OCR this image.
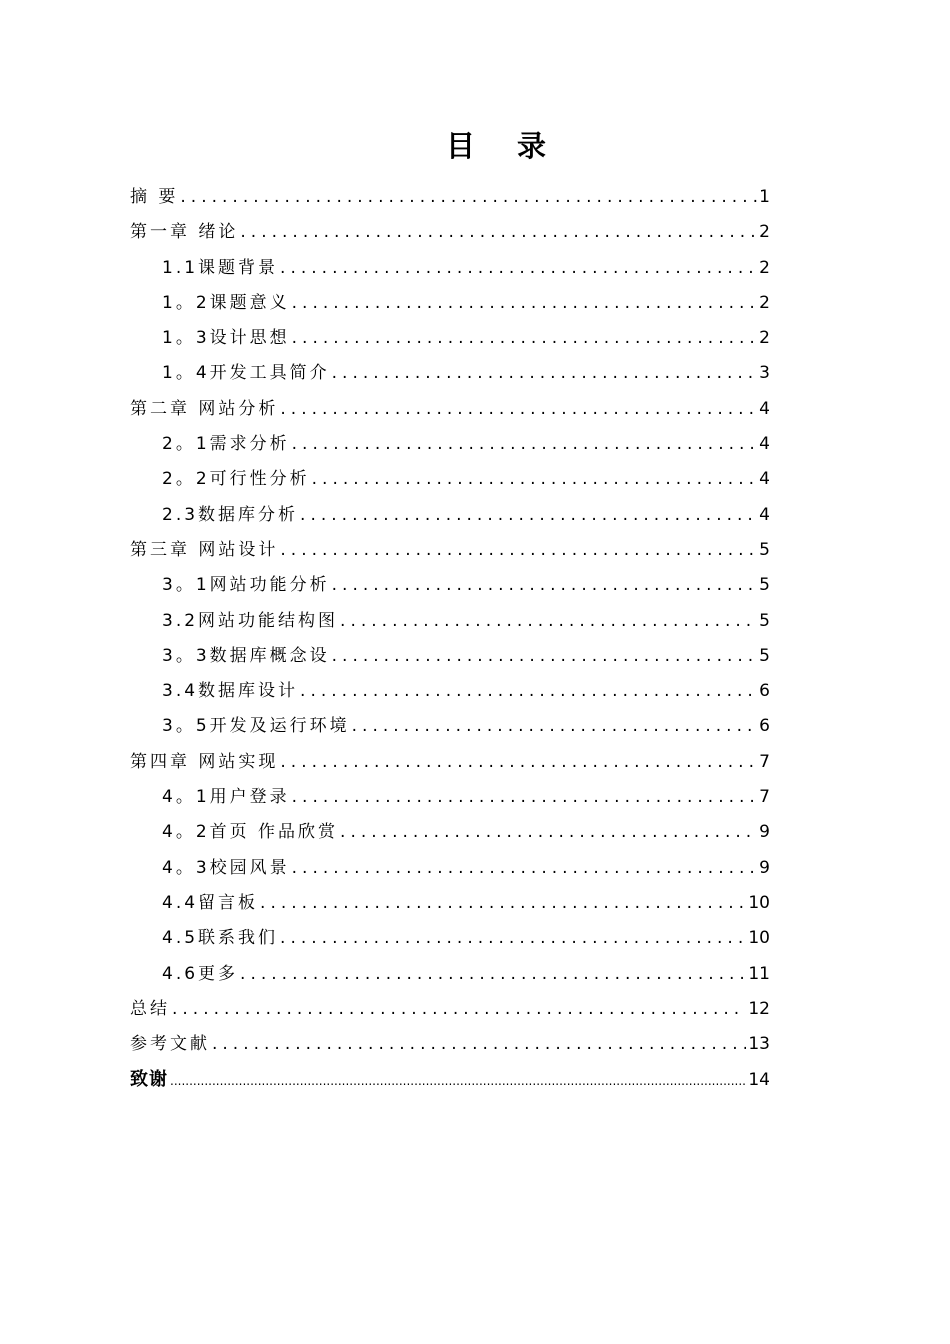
目 录
摘 要 .....	1
第一章 绪论 .....	2
1.1课题背景 .....	2
1。2课题意义 .....	2
1。3设计思想 .....	2
1。4开发工具简介 .....	3
第二章 网站分析 .....	4
2。1需求分析 .....	4
2。2可行性分析 .....	4
2.3数据库分析 .....	4
第三章 网站设计 .....	5
3。1网站功能分析 .....	5
3.2网站功能结构图 .....	5
3。3数据库概念设 .....	5
3.4数据库设计 .....	6
3。5开发及运行环境 .....	6
第四章 网站实现 .....	7
4。1用户登录 .....	7
4。2首页 作品欣赏 .....	9
4。3校园风景 .....	9
4.4留言板 .....	10
4.5联系我们 .....	10
4.6更多 .....	11
总结 .....	12
参考文献 .....	13
致谢 .....	14
